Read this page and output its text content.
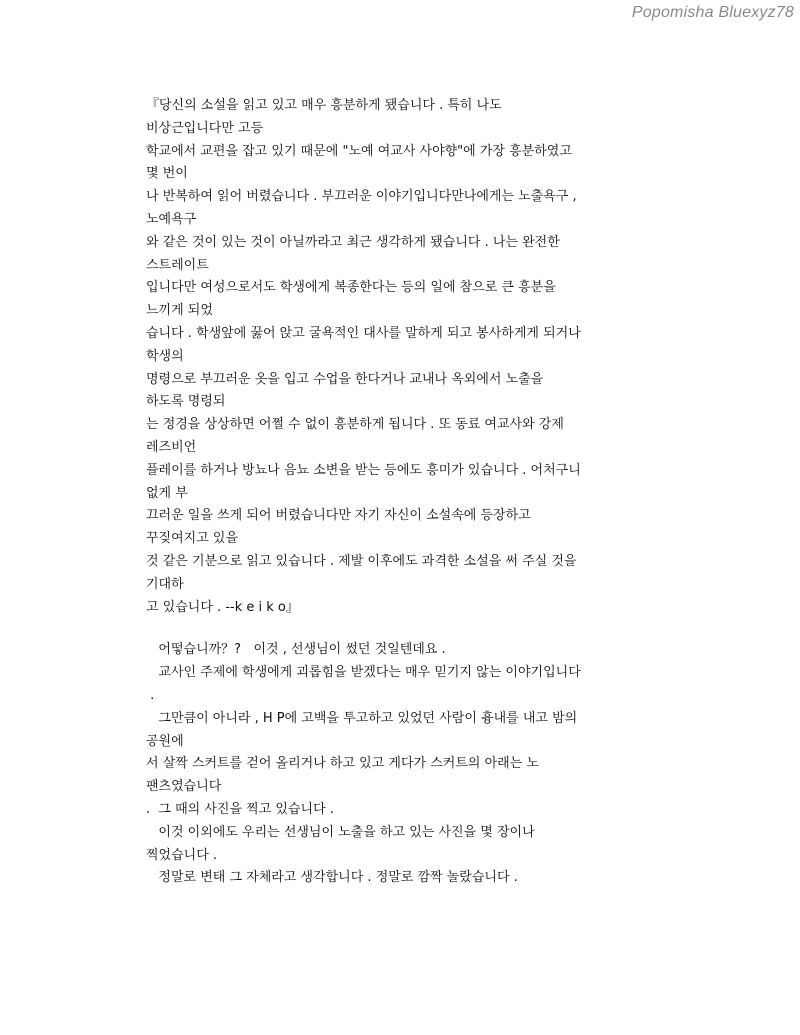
Popomisha Bluexyz78
『당신의 소설을 읽고 있고 매우 흥분하게 됐습니다 . 특히 나도
비상근입니다만 고등
학교에서 교편을 잡고 있기 때문에 "노예 여교사 사야향"에 가장 흥분하였고
몇 번이
나 반복하여 읽어 버렸습니다 . 부끄러운 이야기입니다만나에게는 노출욕구 ,
노예욕구
와 같은 것이 있는 것이 아닐까라고 최근 생각하게 됐습니다 . 나는 완전한
스트레이트
입니다만 여성으로서도 학생에게 복종한다는 등의 일에 참으로 큰 흥분을
느끼게 되었
습니다 . 학생앞에 꿇어 앉고 굴욕적인 대사를 말하게 되고 봉사하게게 되거나
학생의
명령으로 부끄러운 옷을 입고 수업을 한다거나 교내나 옥외에서 노출을
하도록 명령되
는 정경을 상상하면 어쩔 수 없이 흥분하게 됩니다 . 또 동료 여교사와 강제
레즈비언
플레이를 하거나 방뇨나 음뇨 소변을 받는 등에도 흥미가 있습니다 . 어처구니
없게 부
끄러운 일을 쓰게 되어 버렸습니다만 자기 자신이 소설속에 등장하고
꾸짖여지고 있을
것 같은 기분으로 읽고 있습니다 . 제발 이후에도 과격한 소설을 써 주실 것을
기대하
고 있습니다 . --k e i k o』
어떻습니까？?   이것 , 선생님이 썼던 것일텐데요 .
교사인 주제에 학생에게 괴롭힘을 받겠다는 매우 믿기지 않는 이야기입니다
.
그만큼이 아니라 , H P에 고백을 투고하고 있었던 사람이 흉내를 내고 밤의
공원에
서 살짝 스커트를 걷어 올리거나 하고 있고 게다가 스커트의 아래는 노
팬츠였습니다
.  그 때의 사진을 찍고 있습니다 .
이것 이외에도 우리는 선생님이 노출을 하고 있는 사진을 몇 장이나
찍었습니다 .
정말로 변태 그 자체라고 생각합니다 . 정말로 깜짝 놀랐습니다 .
